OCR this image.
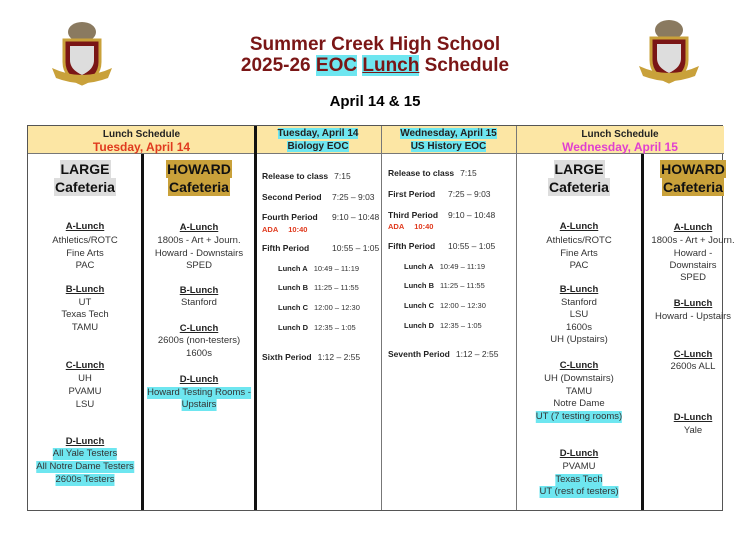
Summer Creek High School
2025-26 EOC Lunch Schedule
April 14 & 15
Lunch Schedule
Tuesday, April 14
Tuesday, April 14
Biology EOC
Wednesday, April 15
US History EOC
Lunch Schedule
Wednesday, April 15
LARGE
Cafeteria
A-Lunch
Athletics/ROTC
Fine Arts
PAC
B-Lunch
UT
Texas Tech
TAMU
C-Lunch
UH
PVAMU
LSU
D-Lunch
All Yale Testers
All Notre Dame Testers
2600s Testers
HOWARD
Cafeteria
A-Lunch
1800s - Art + Journ.
Howard - Downstairs
SPED
B-Lunch
Stanford
C-Lunch
2600s (non-testers)
1600s
D-Lunch
Howard Testing Rooms -
Upstairs
LARGE
Cafeteria
A-Lunch
Athletics/ROTC
Fine Arts
PAC
B-Lunch
Stanford
LSU
1600s
UH (Upstairs)
C-Lunch
UH (Downstairs)
TAMU
Notre Dame
UT (7 testing rooms)
D-Lunch
PVAMU
Texas Tech
UT (rest of testers)
HOWARD
Cafeteria
A-Lunch
1800s - Art + Journ.
Howard -
Downstairs
SPED
B-Lunch
Howard - Upstairs
C-Lunch
2600s ALL
D-Lunch
Yale
Release to class 7:15
Second Period 7:25 – 9:03
Fourth Period 9:10 – 10:48
Fifth Period	10:55 – 1:05
Lunch A 10:49 – 11:19
Lunch B 11:25 – 11:55
Lunch C 12:00 – 12:30
Lunch D 12:35 – 1:05
Sixth Period 1:12 – 2:55
ADA 10:40
Release to class 7:15
First Period 7:25 – 9:03
Third Period 9:10 – 10:48
Fifth Period 10:55 – 1:05
Lunch A 10:49 – 11:19
Lunch B 11:25 – 11:55
Lunch C 12:00 – 12:30
Lunch D 12:35 – 1:05
Seventh Period 1:12 – 2:55
ADA 10:40
